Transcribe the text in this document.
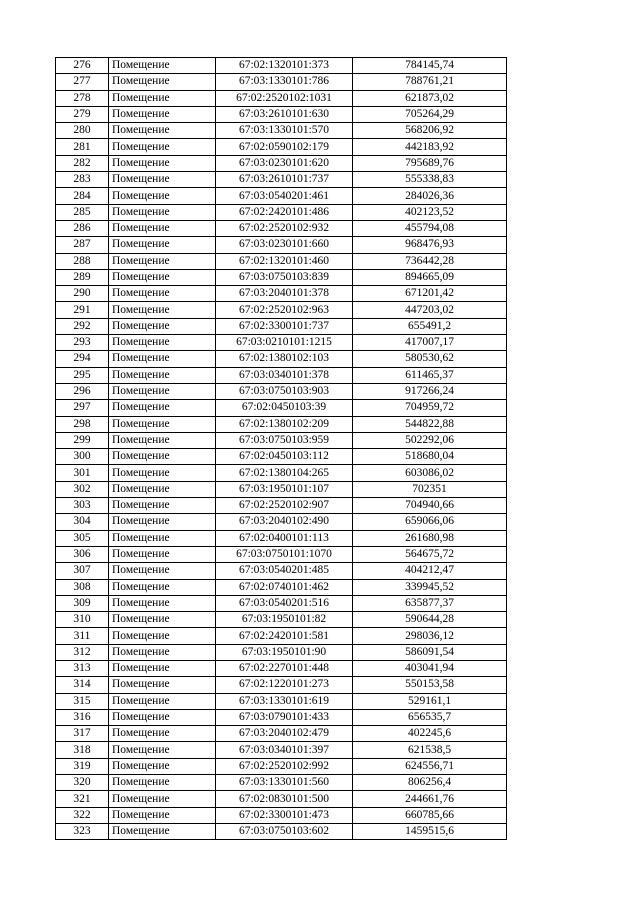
276	Помещение	67:02:1320101:373	784145,74
277	Помещение	67:03:1330101:786	788761,21
278	Помещение	67:02:2520102:1031	621873,02
279	Помещение	67:03:2610101:630	705264,29
280	Помещение	67:03:1330101:570	568206,92
281	Помещение	67:02:0590102:179	442183,92
282	Помещение	67:03:0230101:620	795689,76
283	Помещение	67:03:2610101:737	555338,83
284	Помещение	67:03:0540201:461	284026,36
285	Помещение	67:02:2420101:486	402123,52
286	Помещение	67:02:2520102:932	455794,08
287	Помещение	67:03:0230101:660	968476,93
288	Помещение	67:02:1320101:460	736442,28
289	Помещение	67:03:0750103:839	894665,09
290	Помещение	67:03:2040101:378	671201,42
291	Помещение	67:02:2520102:963	447203,02
292	Помещение	67:02:3300101:737	655491,2
293	Помещение	67:03:0210101:1215	417007,17
294	Помещение	67:02:1380102:103	580530,62
295	Помещение	67:03:0340101:378	611465,37
296	Помещение	67:03:0750103:903	917266,24
297	Помещение	67:02:0450103:39	704959,72
298	Помещение	67:02:1380102:209	544822,88
299	Помещение	67:03:0750103:959	502292,06
300	Помещение	67:02:0450103:112	518680,04
301	Помещение	67:02:1380104:265	603086,02
302	Помещение	67:03:1950101:107	702351
303	Помещение	67:02:2520102:907	704940,66
304	Помещение	67:03:2040102:490	659066,06
305	Помещение	67:02:0400101:113	261680,98
306	Помещение	67:03:0750101:1070	564675,72
307	Помещение	67:03:0540201:485	404212,47
308	Помещение	67:02:0740101:462	339945,52
309	Помещение	67:03:0540201:516	635877,37
310	Помещение	67:03:1950101:82	590644,28
311	Помещение	67:02:2420101:581	298036,12
312	Помещение	67:03:1950101:90	586091,54
313	Помещение	67:02:2270101:448	403041,94
314	Помещение	67:02:1220101:273	550153,58
315	Помещение	67:03:1330101:619	529161,1
316	Помещение	67:03:0790101:433	656535,7
317	Помещение	67:03:2040102:479	402245,6
318	Помещение	67:03:0340101:397	621538,5
319	Помещение	67:02:2520102:992	624556,71
320	Помещение	67:03:1330101:560	806256,4
321	Помещение	67:02:0830101:500	244661,76
322	Помещение	67:02:3300101:473	660785,66
323	Помещение	67:03:0750103:602	1459515,6
